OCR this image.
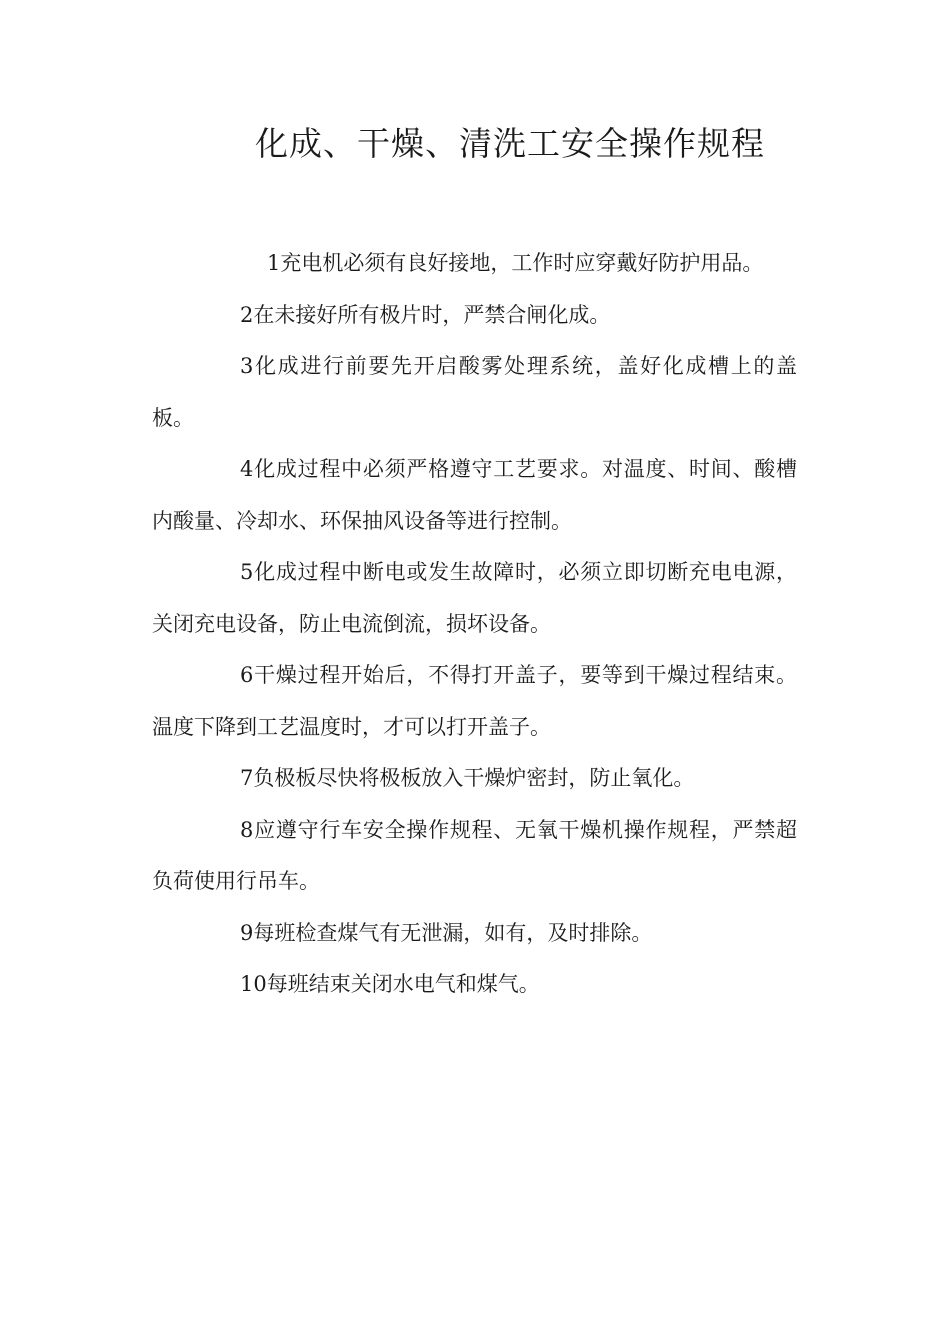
化成、干燥、清洗工安全操作规程

1充电机必须有良好接地，工作时应穿戴好防护用品。

2在未接好所有极片时，严禁合闸化成。

3化成进行前要先开启酸雾处理系统，盖好化成槽上的盖板。

4化成过程中必须严格遵守工艺要求。对温度、时间、酸槽内酸量、冷却水、环保抽风设备等进行控制。

5化成过程中断电或发生故障时，必须立即切断充电电源，关闭充电设备，防止电流倒流，损坏设备。

6干燥过程开始后，不得打开盖子，要等到干燥过程结束。温度下降到工艺温度时，才可以打开盖子。

7负极板尽快将极板放入干燥炉密封，防止氧化。

8应遵守行车安全操作规程、无氧干燥机操作规程，严禁超负荷使用行吊车。

9每班检查煤气有无泄漏，如有，及时排除。

10每班结束关闭水电气和煤气。
